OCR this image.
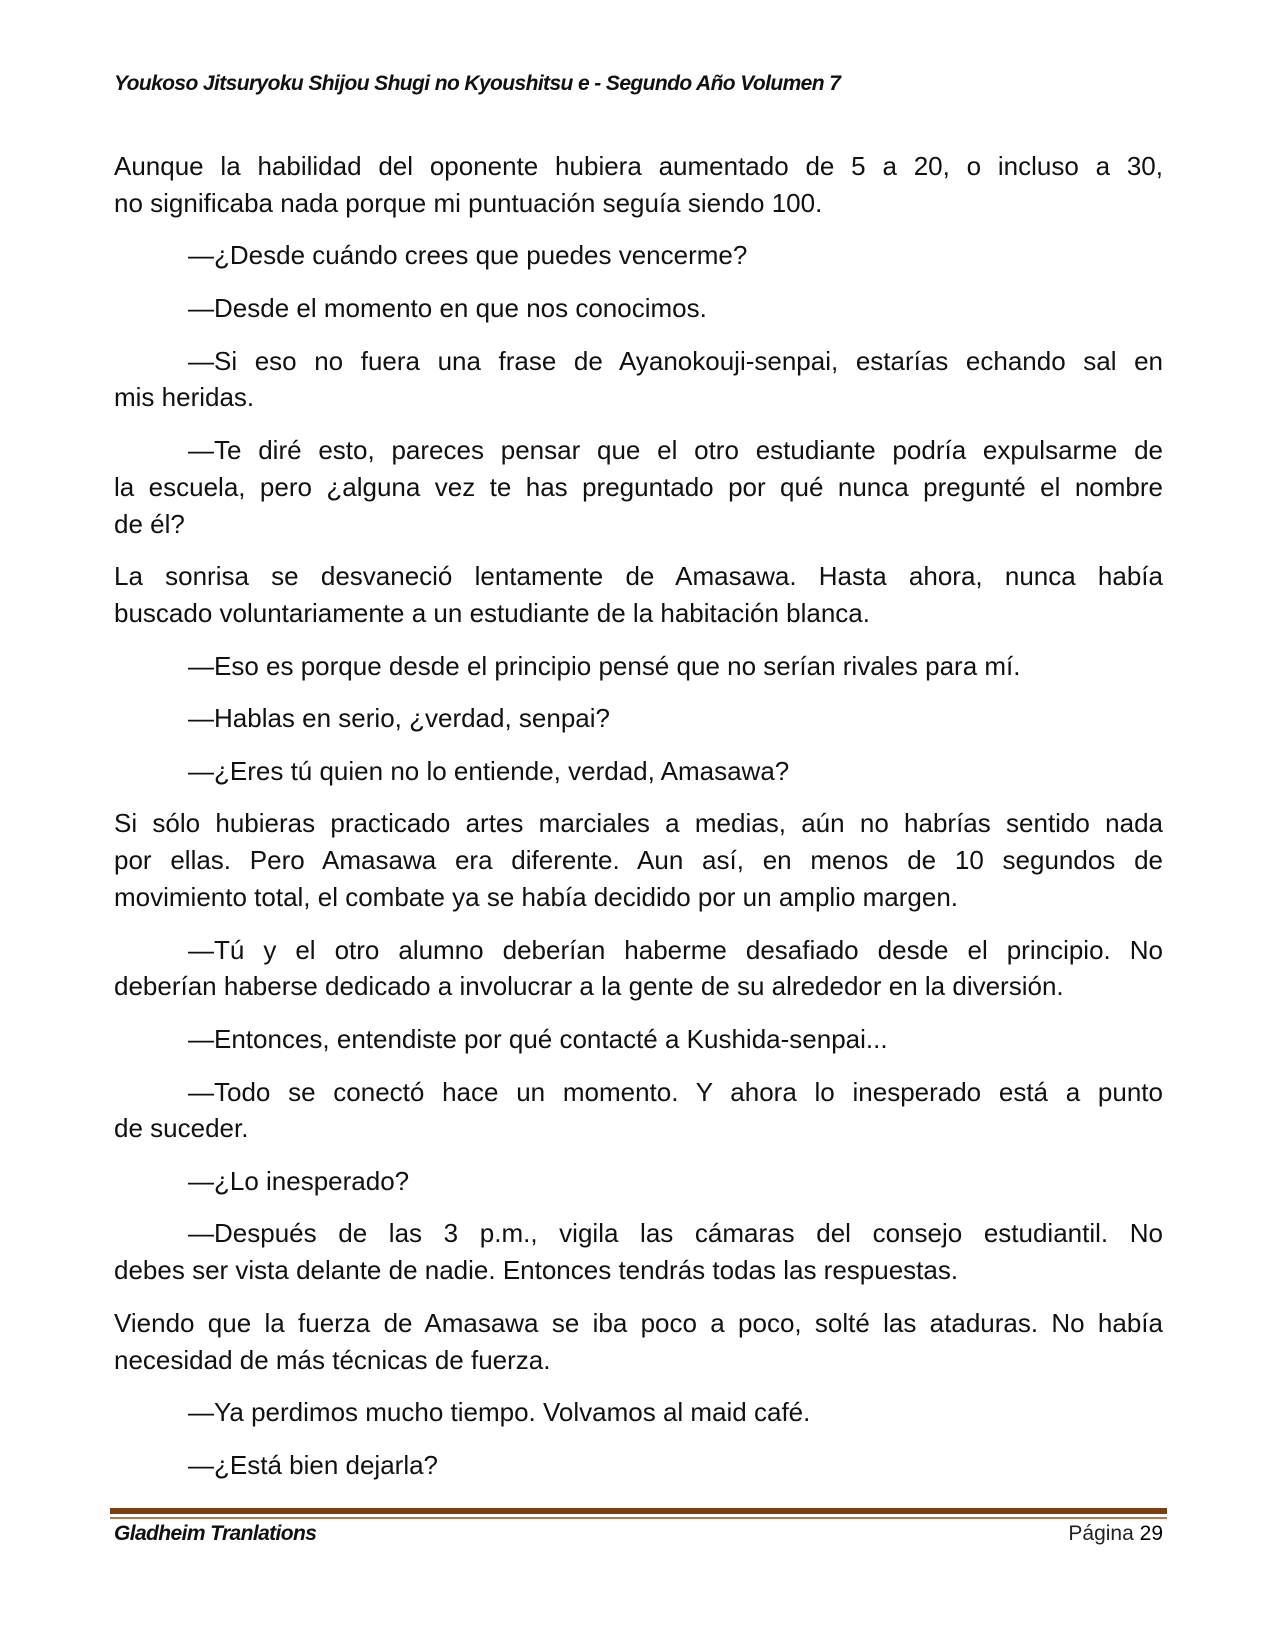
Youkoso Jitsuryoku Shijou Shugi no Kyoushitsu e - Segundo Año Volumen 7
Aunque la habilidad del oponente hubiera aumentado de 5 a 20, o incluso a 30,
no significaba nada porque mi puntuación seguía siendo 100.
—¿Desde cuándo crees que puedes vencerme?
—Desde el momento en que nos conocimos.
—Si eso no fuera una frase de Ayanokouji-senpai, estarías echando sal en
mis heridas.
—Te diré esto, pareces pensar que el otro estudiante podría expulsarme de
la escuela, pero ¿alguna vez te has preguntado por qué nunca pregunté el nombre
de él?
La sonrisa se desvaneció lentamente de Amasawa. Hasta ahora, nunca había
buscado voluntariamente a un estudiante de la habitación blanca.
—Eso es porque desde el principio pensé que no serían rivales para mí.
—Hablas en serio, ¿verdad, senpai?
—¿Eres tú quien no lo entiende, verdad, Amasawa?
Si sólo hubieras practicado artes marciales a medias, aún no habrías sentido nada
por ellas. Pero Amasawa era diferente. Aun así, en menos de 10 segundos de
movimiento total, el combate ya se había decidido por un amplio margen.
—Tú y el otro alumno deberían haberme desafiado desde el principio. No
deberían haberse dedicado a involucrar a la gente de su alrededor en la diversión.
—Entonces, entendiste por qué contacté a Kushida-senpai...
—Todo se conectó hace un momento. Y ahora lo inesperado está a punto
de suceder.
—¿Lo inesperado?
—Después de las 3 p.m., vigila las cámaras del consejo estudiantil. No
debes ser vista delante de nadie. Entonces tendrás todas las respuestas.
Viendo que la fuerza de Amasawa se iba poco a poco, solté las ataduras. No había
necesidad de más técnicas de fuerza.
—Ya perdimos mucho tiempo. Volvamos al maid café.
—¿Está bien dejarla?
Gladheim Tranlations	Página 29
